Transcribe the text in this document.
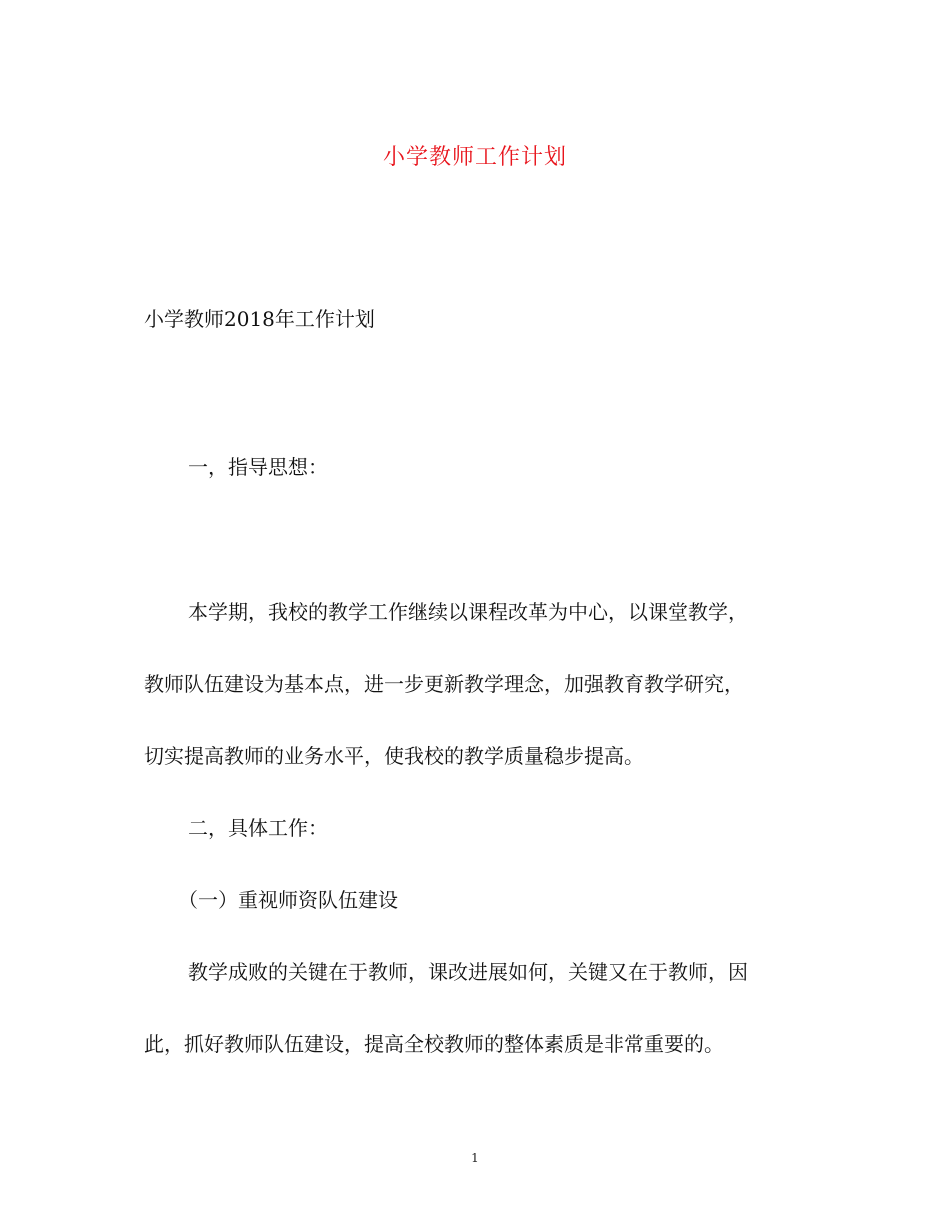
小学教师工作计划
小学教师2018年工作计划
一，指导思想：
本学期，我校的教学工作继续以课程改革为中心，以课堂教学，
教师队伍建设为基本点，进一步更新教学理念，加强教育教学研究，
切实提高教师的业务水平，使我校的教学质量稳步提高。
二，具体工作：
（一）重视师资队伍建设
教学成败的关键在于教师，课改进展如何，关键又在于教师，因
此，抓好教师队伍建设，提高全校教师的整体素质是非常重要的。
1
